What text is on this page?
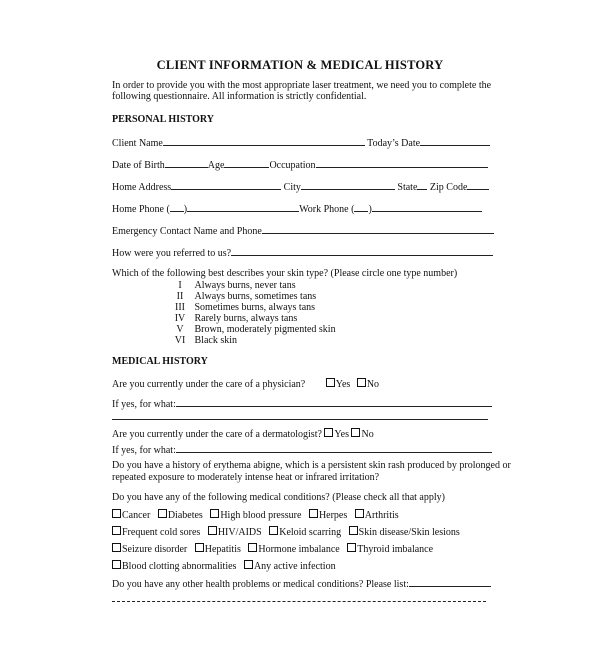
CLIENT INFORMATION & MEDICAL HISTORY
In order to provide you with the most appropriate laser treatment, we need you to complete the following questionnaire. All information is strictly confidential.
PERSONAL HISTORY
Client Name	Today’s Date
Date of Birth	Age	Occupation
Home Address	City	State Zip Code
Home Phone ( )	Work Phone ( )
Emergency Contact Name and Phone
How were you referred to us?
Which of the following best describes your skin type? (Please circle one type number)
I Always burns, never tans
II Always burns, sometimes tans
III Sometimes burns, always tans
IV Rarely burns, always tans
V Brown, moderately pigmented skin
VI Black skin
MEDICAL HISTORY
Are you currently under the care of a physician?	Yes No
If yes, for what:
Are you currently under the care of a dermatologist? Yes No
If yes, for what:
Do you have a history of erythema abigne, which is a persistent skin rash produced by prolonged or repeated exposure to moderately intense heat or infrared irritation?
Do you have any of the following medical conditions? (Please check all that apply)
Cancer Diabetes High blood pressure Herpes Arthritis
Frequent cold sores HIV/AIDS Keloid scarring Skin disease/Skin lesions
Seizure disorder Hepatitis Hormone imbalance Thyroid imbalance
Blood clotting abnormalities Any active infection
Do you have any other health problems or medical conditions? Please list:
